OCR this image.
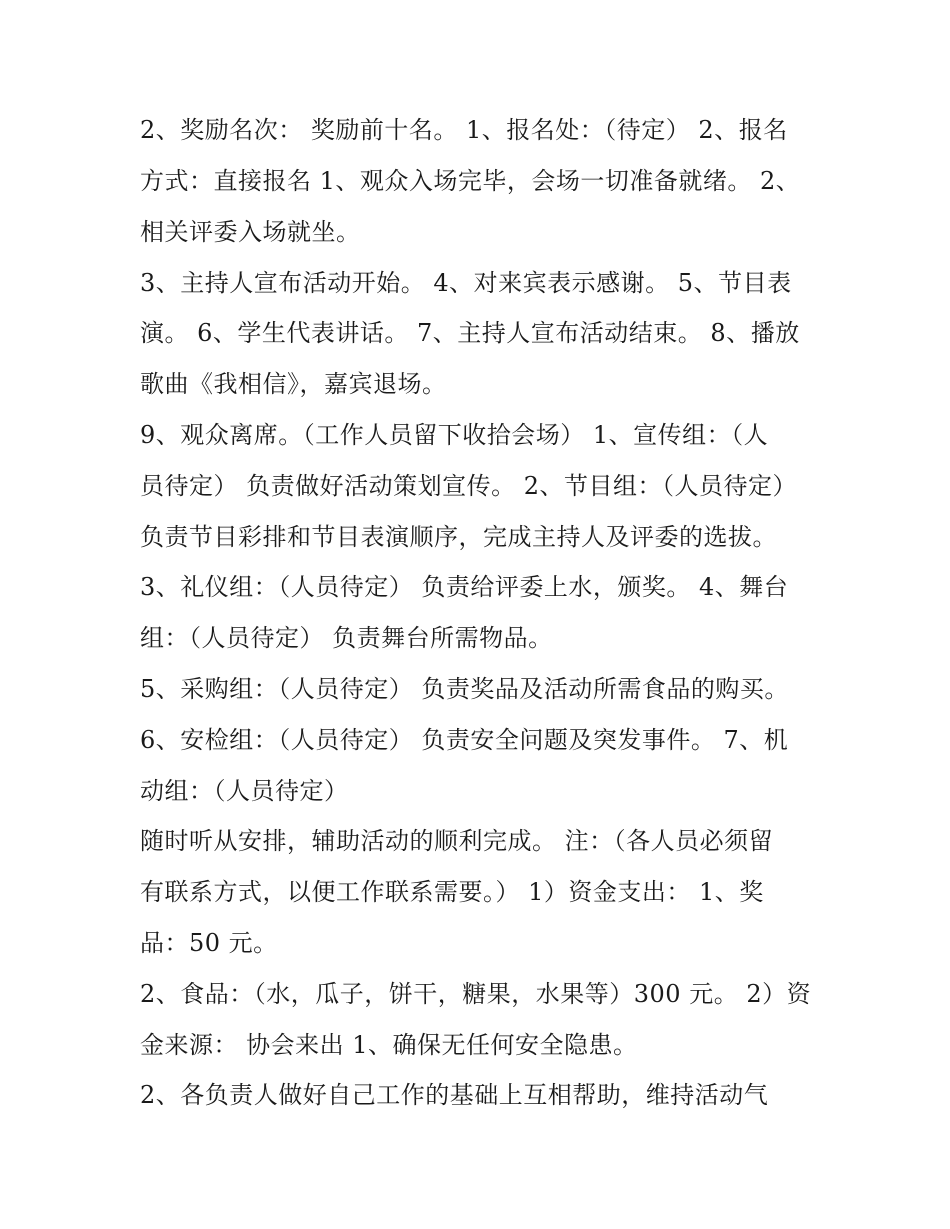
2、奖励名次： 奖励前十名。 1、报名处：（待定） 2、报名
方式：直接报名 1、观众入场完毕，会场一切准备就绪。 2、
相关评委入场就坐。
3、主持人宣布活动开始。 4、对来宾表示感谢。 5、节目表
演。 6、学生代表讲话。 7、主持人宣布活动结束。 8、播放
歌曲《我相信》，嘉宾退场。
9、观众离席。（工作人员留下收拾会场） 1、宣传组：（人
员待定） 负责做好活动策划宣传。 2、节目组：（人员待定）
负责节目彩排和节目表演顺序，完成主持人及评委的选拔。
3、礼仪组：（人员待定） 负责给评委上水，颁奖。 4、舞台
组：（人员待定） 负责舞台所需物品。
5、采购组：（人员待定） 负责奖品及活动所需食品的购买。
6、安检组：（人员待定） 负责安全问题及突发事件。 7、机
动组：（人员待定）
随时听从安排，辅助活动的顺利完成。 注：（各人员必须留
有联系方式，以便工作联系需要。） 1）资金支出： 1、奖
品：50 元。
2、食品：（水，瓜子，饼干，糖果，水果等）300 元。 2）资
金来源： 协会来出 1、确保无任何安全隐患。
2、各负责人做好自己工作的基础上互相帮助，维持活动气
